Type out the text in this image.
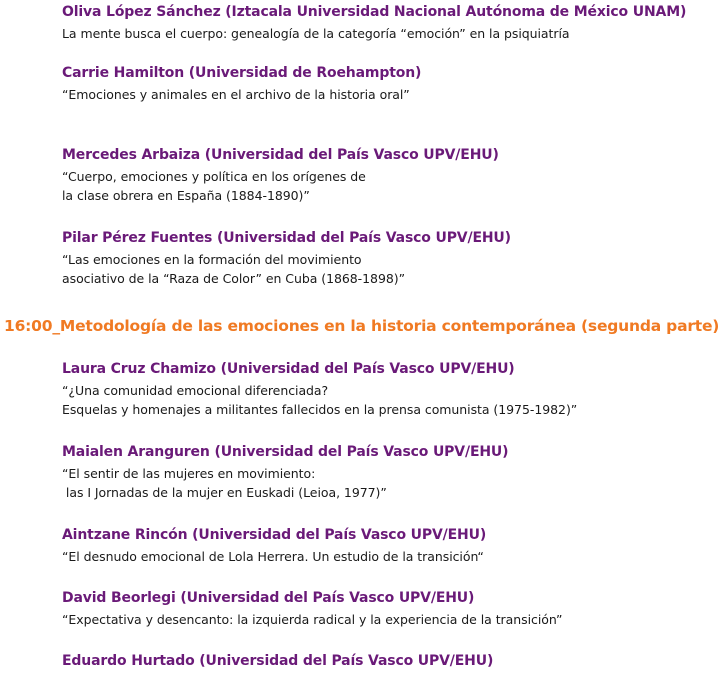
Oliva López Sánchez (Iztacala Universidad Nacional Autónoma de México UNAM)
La mente busca el cuerpo: genealogía de la categoría “emoción” en la psiquiatría
Carrie Hamilton (Universidad de Roehampton)
“Emociones y animales en el archivo de la historia oral”
Mercedes Arbaiza (Universidad del País Vasco UPV/EHU)
“Cuerpo, emociones y política en los orígenes de
la clase obrera en España (1884-1890)”
Pilar Pérez Fuentes (Universidad del País Vasco UPV/EHU)
“Las emociones en la formación del movimiento
asociativo de la “Raza de Color” en Cuba (1868-1898)”
16:00_Metodología de las emociones en la historia contemporánea (segunda parte)
Laura Cruz Chamizo (Universidad del País Vasco UPV/EHU)
“¿Una comunidad emocional diferenciada?
Esquelas y homenajes a militantes fallecidos en la prensa comunista (1975-1982)”
Maialen Aranguren (Universidad del País Vasco UPV/EHU)
“El sentir de las mujeres en movimiento:
las I Jornadas de la mujer en Euskadi (Leioa, 1977)”
Aintzane Rincón (Universidad del País Vasco UPV/EHU)
“El desnudo emocional de Lola Herrera. Un estudio de la transición“
David Beorlegi (Universidad del País Vasco UPV/EHU)
“Expectativa y desencanto: la izquierda radical y la experiencia de la transición”
Eduardo Hurtado (Universidad del País Vasco UPV/EHU)
